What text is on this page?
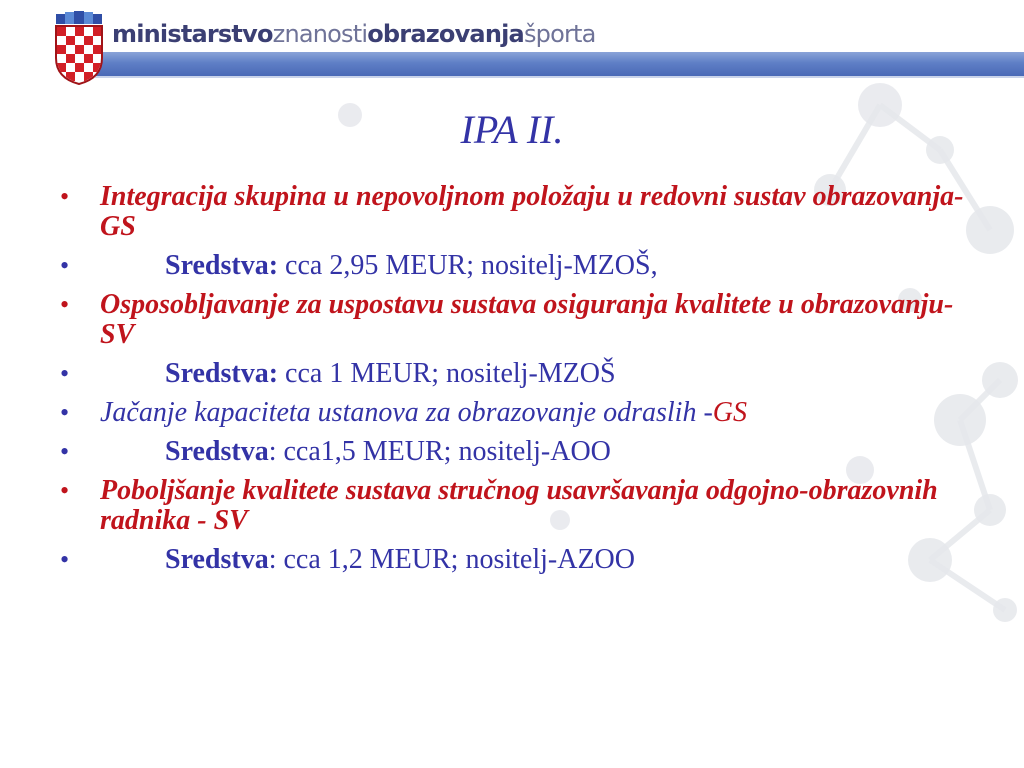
ministarstvoznanostiobrazovanjašporta
IPA II.
• Integracija skupina u nepovoljnom položaju u redovni sustav obrazovanja-GS
•	Sredstva: cca 2,95 MEUR; nositelj-MZOŠ,
• Osposobljavanje za uspostavu sustava osiguranja kvalitete u obrazovanju-SV
•	Sredstva: cca 1 MEUR; nositelj-MZOŠ
• Jačanje kapaciteta ustanova za obrazovanje odraslih -GS
•	Sredstva: cca1,5 MEUR; nositelj-AOO
• Poboljšanje kvalitete sustava stručnog usavršavanja odgojno-obrazovnih radnika - SV
•	Sredstva: cca 1,2 MEUR; nositelj-AZOO
